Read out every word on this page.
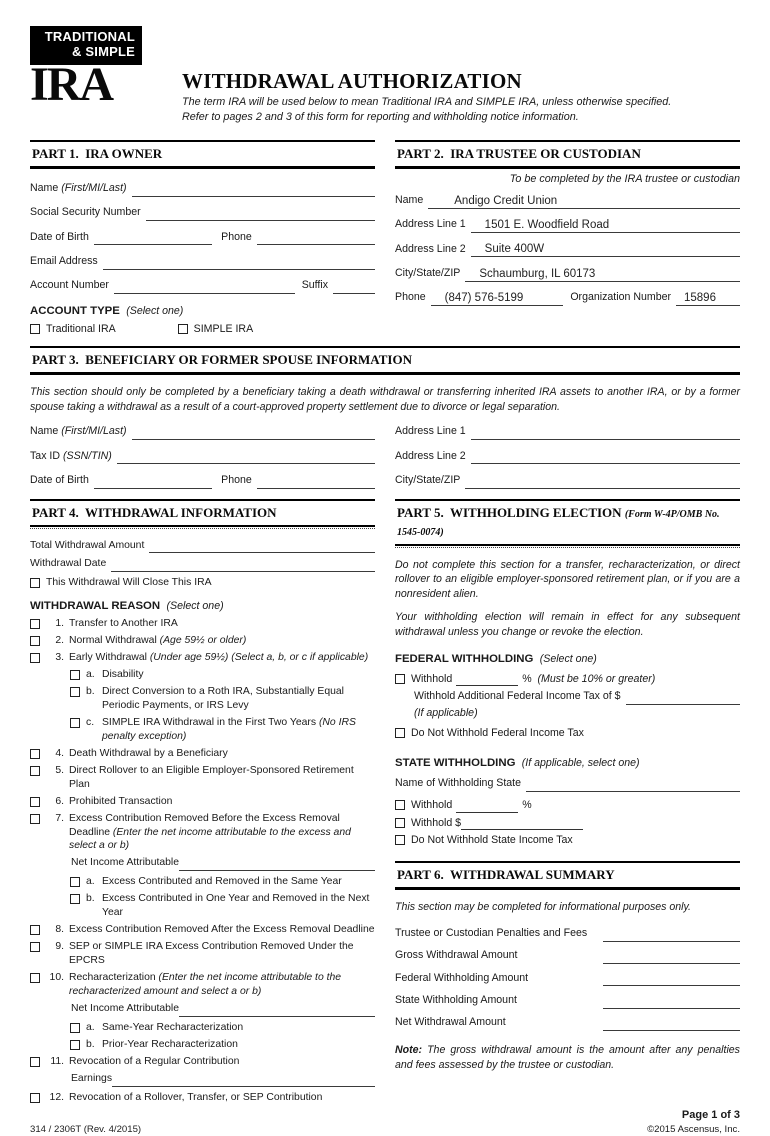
TRADITIONAL
& SIMPLE
IRA	WITHDRAWAL AUTHORIZATION
The term IRA will be used below to mean Traditional IRA and SIMPLE IRA, unless otherwise specified.
Refer to pages 2 and 3 of this form for reporting and withholding notice information.
PART 1.  IRA OWNER
Name
(First/MI/Last)
Social Security Number
Date of Birth	Phone
Email Address
Account Number	Suffix
ACCOUNT TYPE (Select one)
Traditional IRA	SIMPLE IRA
PART 2.  IRA TRUSTEE OR CUSTODIAN
To be completed by the IRA trustee or custodian
Name	Andigo Credit Union
Address Line 1	1501 E. Woodfield Road
Address Line 2	Suite 400W
City/State/ZIP	Schaumburg, IL 60173
Phone	(847) 576-5199	Organization Number	15896
PART 3.  BENEFICIARY OR FORMER SPOUSE INFORMATION
This section should only be completed by a beneficiary taking a death withdrawal or transferring inherited IRA assets to another IRA, or by a former spouse taking a withdrawal as a result of a court-approved property settlement due to divorce or legal separation.
Name
(First/MI/Last)
Tax ID
(SSN/TIN)
Date of Birth	Phone
Address Line 1
Address Line 2
City/State/ZIP
PART 4.  WITHDRAWAL INFORMATION
Total Withdrawal Amount
Withdrawal Date
This Withdrawal Will Close This IRA
WITHDRAWAL REASON (Select one)
1. Transfer to Another IRA
2. Normal Withdrawal (Age 59½ or older)
3. Early Withdrawal (Under age 59½) (Select a, b, or c if applicable)
a. Disability
b. Direct Conversion to a Roth IRA, Substantially Equal Periodic Payments, or IRS Levy
c. SIMPLE IRA Withdrawal in the First Two Years (No IRS penalty exception)
4. Death Withdrawal by a Beneficiary
5. Direct Rollover to an Eligible Employer-Sponsored Retirement Plan
6. Prohibited Transaction
7. Excess Contribution Removed Before the Excess Removal Deadline (Enter the net income attributable to the excess and select a or b)
Net Income Attributable
a. Excess Contributed and Removed in the Same Year
b. Excess Contributed in One Year and Removed in the Next Year
8. Excess Contribution Removed After the Excess Removal Deadline
9. SEP or SIMPLE IRA Excess Contribution Removed Under the EPCRS
10. Recharacterization (Enter the net income attributable to the recharacterized amount and select a or b)
Net Income Attributable
a. Same-Year Recharacterization
b. Prior-Year Recharacterization
11. Revocation of a Regular Contribution
Earnings
12. Revocation of a Rollover, Transfer, or SEP Contribution
PART 5.  WITHHOLDING ELECTION (Form W-4P/OMB No. 1545-0074)
Do not complete this section for a transfer, recharacterization, or direct rollover to an eligible employer-sponsored retirement plan, or if you are a nonresident alien.
Your withholding election will remain in effect for any subsequent withdrawal unless you change or revoke the election.
FEDERAL WITHHOLDING (Select one)
Withhold	% (Must be 10% or greater)
Withhold Additional Federal Income Tax of $
(If applicable)
Do Not Withhold Federal Income Tax
STATE WITHHOLDING (If applicable, select one)
Name of Withholding State
Withhold	%
Withhold $
Do Not Withhold State Income Tax
PART 6.  WITHDRAWAL SUMMARY
This section may be completed for informational purposes only.
Trustee or Custodian Penalties and Fees
Gross Withdrawal Amount
Federal Withholding Amount
State Withholding Amount
Net Withdrawal Amount
Note: The gross withdrawal amount is the amount after any penalties and fees assessed by the trustee or custodian.
314 / 2306T (Rev. 4/2015)
Page 1 of 3
©2015 Ascensus, Inc.
